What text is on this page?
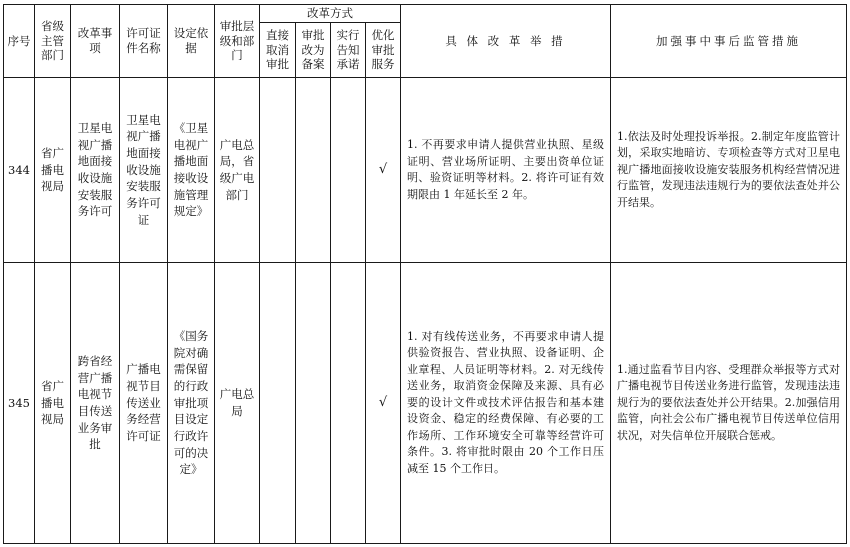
序号	省级主管部门	改革事项	许可证件名称	设定依据	审批层级和部门	改革方式				具 体 改 革 举 措	加强事中事后监管措施
						直接取消审批	审批改为备案	实行告知承诺	优化审批服务		
344	省广播电视局	卫星电视广播地面接收设施安装服务许可	卫星电视广播地面接收设施安装服务许可证	《卫星电视广播地面接收设施管理规定》	广电总局，省级广电部门				√	1. 不再要求申请人提供营业执照、星级证明、营业场所证明、主要出资单位证明、验资证明等材料。2. 将许可证有效期限由 1 年延长至 2 年。	1.依法及时处理投诉举报。2.制定年度监管计划，采取实地暗访、专项检查等方式对卫星电视广播地面接收设施安装服务机构经营情况进行监管，发现违法违规行为的要依法查处并公开结果。
345	省广播电视局	跨省经营广播电视节目传送业务审批	广播电视节目传送业务经营许可证	《国务院对确需保留的行政审批项目设定行政许可的决定》	广电总局				√	1. 对有线传送业务，不再要求申请人提供验资报告、营业执照、设备证明、企业章程、人员证明等材料。2. 对无线传送业务，取消资金保障及来源、具有必要的设计文件或技术评估报告和基本建设资金、稳定的经费保障、有必要的工作场所、工作环境安全可靠等经营许可条件。3. 将审批时限由 20 个工作日压减至 15 个工作日。	1.通过监看节目内容、受理群众举报等方式对广播电视节目传送业务进行监管，发现违法违规行为的要依法查处并公开结果。2.加强信用监管，向社会公布广播电视节目传送单位信用状况，对失信单位开展联合惩戒。
